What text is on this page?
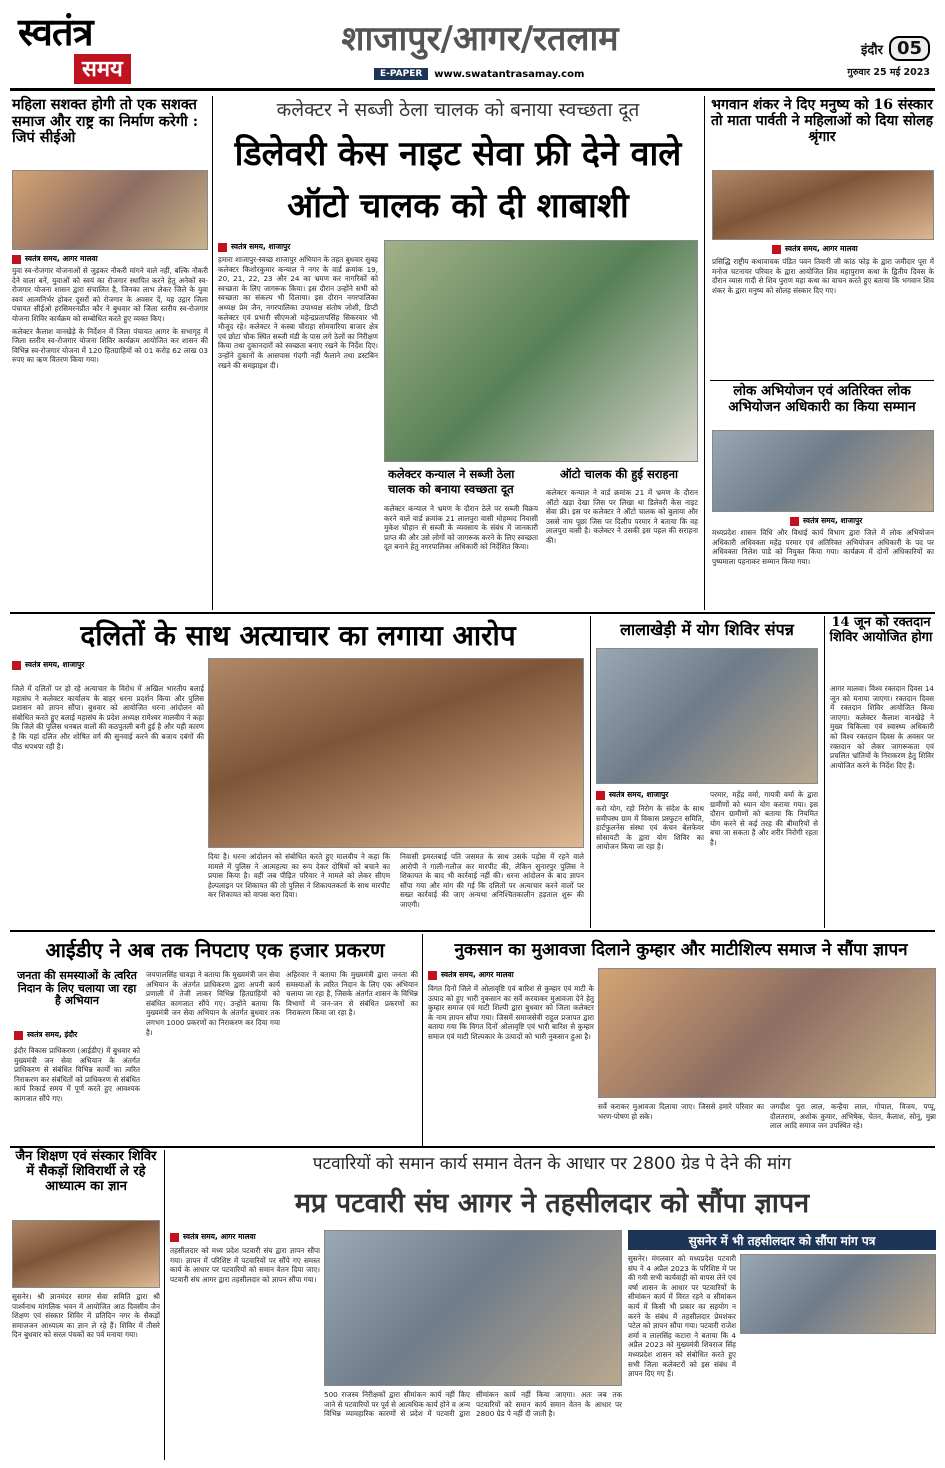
स्वतंत्र
समय
शाजापुर/आगर/रतलाम
E-PAPER	www.swatantrasamay.com
इंदौर 05
गुरुवार 25 मई 2023
महिला सशक्त होगी तो एक सशक्त समाज और राष्ट्र का निर्माण करेगी : जिपं सीईओ
स्वतंत्र समय, आगर मालवा

युवा स्व-रोजगार योजनाओं से जुड़कर नौकरी मांगने वाले नहीं, बल्कि नौकरी देने वाला बनें, युवाओं को स्वयं का रोजगार स्थापित करने हेतु अनेकों स्व-रोजगार योजना शासन द्वारा संचालित है, जिनका लाभ लेकर जिले के युवा स्वयं आत्मनिर्भर होकर दूसरों को रोजगार के अवसर दें, यह उद्गार जिला पंचायत सीईओ हरसिमरनप्रीत कौर ने बुधवार को जिला स्तरीय स्व-रोजगार योजना शिविर कार्यक्रम को सम्बोधित करते हुए व्यक्त किए।

कलेक्टर कैलाश वानखेड़े के निर्देशन में जिला पंचायत आगर के सभागृह में जिला स्तरीय स्व-रोजगार योजना शिविर कार्यक्रम आयोजित कर शासन की विभिन्न स्व-रोजगार योजना में 120 हितग्राहियों को 01 करोड़ 62 लाख 03 रुपए का ऋण वितरण किया गया।

कलेक्टर ने सब्जी ठेला चालक को बनाया स्वच्छता दूत
डिलेवरी केस नाइट सेवा फ्री देने वाले ऑटो चालक को दी शाबाशी
स्वतंत्र समय, शाजापुर

हमारा शाजापुर-स्वच्छ शाजापुर अभियान के तहत बुधवार सुबह कलेक्टर किशोरकुमार कन्याल ने नगर के वार्ड क्रमांक 19, 20, 21, 22, 23 और 24 का भ्रमण कर नागरिकों को स्वच्छता के लिए जागरूक किया। इस दौरान उन्होंने सभी को स्वच्छता का संकल्प भी दिलाया। इस दौरान नगरपालिका अध्यक्ष प्रेम जैन, नगरपालिका उपाध्यक्ष संतोष जोशी, डिप्टी कलेक्टर एवं प्रभारी सीएमओ महेन्द्रप्रतापसिंह सिकरवार भी मौजूद रहे। कलेक्टर ने कस्बा चौराहा सोमवारिया बाजार क्षेत्र एवं छोटा चौक स्थित सब्जी मंडी के पास लगे ठेलों का निरीक्षण किया तथा दुकानदारों को स्वच्छता बनाए रखने के निर्देश दिए। उन्होंने दुकानों के आसपास गंदगी नहीं फैलाने तथा डस्टबिन रखने की समझाइश दी।

कलेक्टर कन्याल ने सब्जी ठेला चालक को बनाया स्वच्छता दूत
ऑटो चालक की हुई सराहना
कलेक्टर कन्याल ने भ्रमण के दौरान ठेले पर सब्जी विक्रय करने वाले वार्ड क्रमांक 21 लालपुरा वासी मोहम्मद निवासी मुकेश चौहान से सब्जी के व्यवसाय के संबंध में जानकारी प्राप्त की और उसे लोगों को जागरूक करने के लिए स्वच्छता दूत बनाने हेतु नगरपालिका अधिकारी को निर्देशित किया।
कलेक्टर कन्याल ने वार्ड क्रमांक 21 में भ्रमण के दौरान ऑटो खड़ा देखा जिस पर लिखा था डिलेवरी केस नाइट सेवा फ्री। इस पर कलेक्टर ने ऑटो चालक को बुलाया और उससे नाम पूछा जिस पर दिलीप परमार ने बताया कि वह लालपुरा वासी है। कलेक्टर ने उसकी इस पहल की सराहना की।
भगवान शंकर ने दिए मनुष्य को 16 संस्कार तो माता पार्वती ने महिलाओं को दिया सोलह श्रृंगार
स्वतंत्र समय, आगर मालवा
प्रसिद्धि राष्ट्रीय कथावाचक पंडित पवन तिवारी जी कांठ फोड़ के द्वारा जमीदार पूरा में मनोज चटनायर परिवार के द्वारा आयोजित शिव महापुराण कथा के द्वितीय दिवस के दौरान व्यास गादी से शिव पुराण महा कथा का वाचन करते हुए बताया कि भगवान शिव शंकर के द्वारा मनुष्य को सोलह संस्कार दिए गए।
लोक अभियोजन एवं अतिरिक्त लोक अभियोजन अधिकारी का किया सम्मान
स्वतंत्र समय, शाजापुर
मध्यप्रदेश शासन विधि और विधाई कार्य विभाग द्वारा जिले में लोक अभियोजन अधिकारी अधिवक्ता महेंद्र परमार एवं अतिरिक्त अभियोजन अधिकारी के पद पर अधिवक्ता निलेश पाडे को नियुक्त किया गया। कार्यक्रम में दोनों अधिकारियों का पुष्पमाला पहनाकर सम्मान किया गया।
दलितों के साथ अत्याचार का लगाया आरोप
स्वतंत्र समय, शाजापुर
जिले में दलितों पर हो रहे अत्याचार के विरोध में अखिल भारतीय बलाई महासंघ ने कलेक्टर कार्यालय के बाहर धरना प्रदर्शन किया और पुलिस प्रशासन को ज्ञापन सौंपा। बुधवार को आयोजित धरना आंदोलन को संबोधित करते हुए बलाई महासंघ के प्रदेश अध्यक्ष रामेश्वर मालवीय ने कहा कि जिले की पुलिस धनबल वालों की कठपुतली बनी हुई है और यही कारण है कि यहां दलित और शोषित वर्ग की सुनवाई करने की बजाय दबंगों की पीठ थपथपा रही है।
दिया है। धरना आंदोलन को संबोधित करते हुए मालवीय ने कहा कि मामले में पुलिस ने आत्महत्या का रूप देकर दोषियों को बचाने का प्रयास किया है। वहीं जब पीड़ित परिवार ने मामले को लेकर सीएम हेल्पलाइन पर शिकायत की तो पुलिस ने शिकायतकर्ता के साथ मारपीट कर शिकायत को वापस करा दिया।
निवासी इमरतबाई पति जसमत के साथ उसके पड़ोस में रहने वाले आरोपी ने गाली-गलौज कर मारपीट की, लेकिन सुनारपुर पुलिस ने शिकायत के बाद भी कार्रवाई नहीं की। धरना आंदोलन के बाद ज्ञापन सौंपा गया और मांग की गई कि दलितों पर अत्याचार करने वालों पर सख्त कार्रवाई की जाए अन्यथा अनिश्चितकालीन हड़ताल शुरू की जाएगी।
लालाखेड़ी में योग शिविर संपन्न
स्वतंत्र समय, शाजापुर
करो योग, रहो निरोग के संदेश के साथ समीपस्थ ग्राम में विकास प्रस्फुटन समिति, हार्टफुलनेस संस्था एवं कंचन बेलफेयर सोसायटी के द्वारा योग शिविर का आयोजन किया जा रहा है।
परमार, महेंद्र वर्मा, गायत्री वर्मा के द्वारा ग्रामीणों को ध्यान योग कराया गया। इस दौरान ग्रामीणों को बताया कि नियमित योग करने से कई तरह की बीमारियों से बचा जा सकता है और शरीर निरोगी रहता है।
14 जून को रक्तदान शिविर आयोजित होगा
आगर मालवा। विश्व रक्तदान दिवस 14 जून को मनाया जाएगा। रक्तदान दिवस में रक्तदान शिविर आयोजित किया जाएगा। कलेक्टर कैलाश वानखेड़े ने मुख्य चिकित्सा एवं स्वास्थ्य अधिकारी को विश्व रक्तदान दिवस के अवसर पर रक्तदान को लेकर जागरूकता एवं प्रचलित भ्रांतियों के निराकरण हेतु शिविर आयोजित करने के निर्देश दिए हैं।
आईडीए ने अब तक निपटाए एक हजार प्रकरण
जनता की समस्याओं के त्वरित निदान के लिए चलाया जा रहा है अभियान
स्वतंत्र समय, इंदौर
इंदौर विकास प्राधिकरण (आईडीए) में बुधवार को मुख्यमंत्री जन सेवा अभियान के अंतर्गत प्राधिकरण से संबंधित विभिन्न कार्यों का त्वरित निराकरण कर संबंधितों को प्राधिकरण से संबंधित कार्य रिकार्ड समय में पूर्ण करते हुए आवश्यक कागजात सौंपे गए।
जयपालसिंह चावड़ा ने बताया कि मुख्यमंत्री जन सेवा अभियान के अंतर्गत प्राधिकरण द्वारा अपनी कार्य प्रणाली में तेजी लाकर विभिन्न हितग्राहियों को संबंधित कागजात सौंपे गए। उन्होंने बताया कि मुख्यमंत्री जन सेवा अभियान के अंतर्गत बुधवार तक लगभग 1000 प्रकरणों का निराकरण कर दिया गया है।
अहिरवार ने बताया कि मुख्यमंत्री द्वारा जनता की समस्याओं के त्वरित निदान के लिए एक अभियान चलाया जा रहा है, जिसके अंतर्गत शासन के विभिन्न विभागों में जन-जन से संबंधित प्रकरणों का निराकरण किया जा रहा है।
नुकसान का मुआवजा दिलाने कुम्हार और माटीशिल्प समाज ने सौंपा ज्ञापन
स्वतंत्र समय, आगर मालवा
विगत दिनों जिले में ओलावृष्टि एवं बारिश से कुम्हार एवं माटी के उत्पाद को हुए भारी नुकसान का सर्वे करवाकर मुआवजा देने हेतु कुम्हार समाज एवं माटी शिल्पी द्वारा बुधवार को जिला कलेक्टर के नाम ज्ञापन सौंपा गया। जिसमें समाजसेवी राहुल प्रजापत द्वारा बताया गया कि विगत दिनों ओलावृष्टि एवं भारी बारिश से कुम्हार समाज एवं माटी शिल्पकार के उत्पादों को भारी नुकसान हुआ है।
सर्वे कराकर मुआवजा दिलाया जाए। जिससे हमारे परिवार का भरण-पोषण हो सके।
जगदीश पुरा लाल, कन्हैया लाल, गोपाल, विजय, पप्पू, दौलतराम, अशोक कुमार, अभिषेक, चेतन, कैलाश, सोनू, मुन्ना लाल आदि समाज जन उपस्थित रहे।
जैन शिक्षण एवं संस्कार शिविर में सैकड़ों शिविरार्थी ले रहे आध्यात्म का ज्ञान
सुसनेर। श्री ज्ञानमंदर सागर सेवा समिति द्वारा श्री पार्श्वनाथ मांगलिक भवन में आयोजित आठ दिवसीय जैन शिक्षण एवं संस्कार शिविर में प्रतिदिन नगर के सैकड़ों समाजजन आध्यात्म का ज्ञान ले रहे हैं। शिविर में तीसरे दिन बुधवार को सरल पंचकों का पर्व मनाया गया।
पटवारियों को समान कार्य समान वेतन के आधार पर 2800 ग्रेड पे देने की मांग
मप्र पटवारी संघ आगर ने तहसीलदार को सौंपा ज्ञापन
स्वतंत्र समय, आगर मालवा
तहसीलदार को मध्य प्रदेश पटवारी संघ द्वारा ज्ञापन सौंपा गया। ज्ञापन में परिशिष्ट में पटवारियों पर सौंपे गए समस्त कार्य के आधार पर पटवारियों को समान वेतन दिया जाए। पटवारी संघ आगर द्वारा तहसीलदार को ज्ञापन सौंपा गया।
500 राजस्व निरीक्षकों द्वारा सीमांकन कार्य नहीं किए जाने से पटवारियों पर पूर्व से आत्यधिक कार्य होने व अन्य विभिन्न व्यावहारिक कारणों से प्रदेश में पटवारी द्वारा सीमांकन कार्य नहीं किया जाएगा। अतः जब तक पटवारियों को समान कार्य समान वेतन के आधार पर 2800 ग्रेड पे नहीं दी जाती है।
सुसनेर में भी तहसीलदार को सौंपा मांग पत्र
सुसनेर। मंगलवार को मध्यप्रदेश पटवारी संघ ने 4 अप्रैल 2023 के परिशिष्ट में पर की गयी सभी कार्यवाही को वापस लेने एवं वर्षा शासन के आधार पर पटवारियों के सीमांकन कार्य में विरत रहने व सीमांकन कार्य में किसी भी प्रकार का सहयोग न करने के संबंध में तहसीलदार प्रेमशंकर पटेल को ज्ञापन सौंपा गया। पटवारी राजेश शर्मा व लालसिंह कटारा ने बताया कि 4 अप्रैल 2023 को मुख्यमंत्री शिवराज सिंह मध्यप्रदेश शासन को संबोधित करते हुए सभी जिला कलेक्टरों को इस संबंध में ज्ञापन दिए गए हैं।
